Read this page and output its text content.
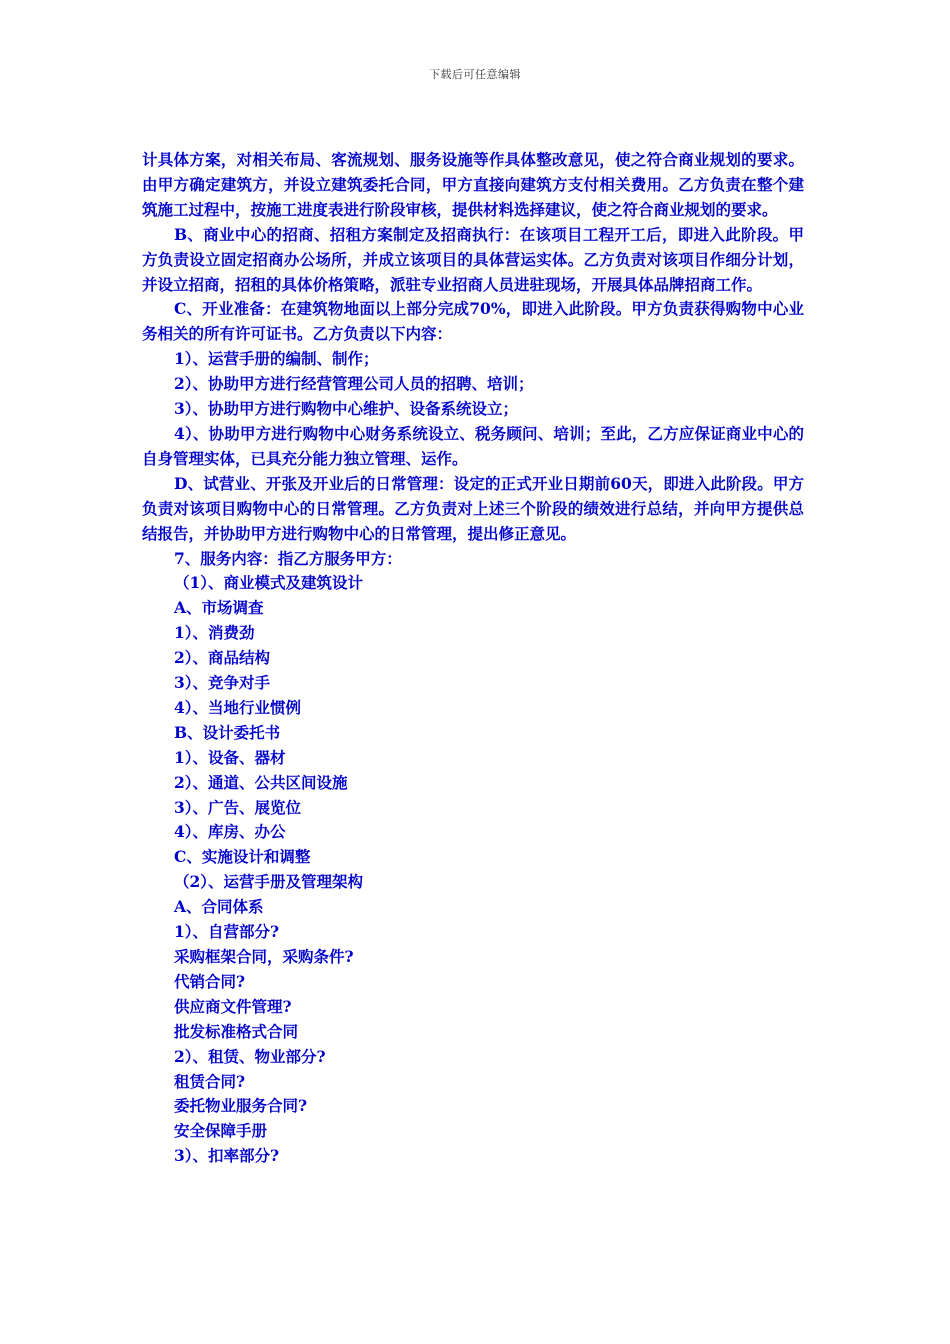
下载后可任意编辑

计具体方案，对相关布局、客流规划、服务设施等作具体整改意见，使之符合商业规划的要求。由甲方确定建筑方，并设立建筑委托合同，甲方直接向建筑方支付相关费用。乙方负责在整个建筑施工过程中，按施工进度表进行阶段审核，提供材料选择建议，使之符合商业规划的要求。

B、商业中心的招商、招租方案制定及招商执行：在该项目工程开工后，即进入此阶段。甲方负责设立固定招商办公场所，并成立该项目的具体营运实体。乙方负责对该项目作细分计划，并设立招商，招租的具体价格策略，派驻专业招商人员进驻现场，开展具体品牌招商工作。

C、开业准备：在建筑物地面以上部分完成70%，即进入此阶段。甲方负责获得购物中心业务相关的所有许可证书。乙方负责以下内容：

1）、运营手册的编制、制作；

2）、协助甲方进行经营管理公司人员的招聘、培训；

3）、协助甲方进行购物中心维护、设备系统设立；

4）、协助甲方进行购物中心财务系统设立、税务顾问、培训；至此，乙方应保证商业中心的自身管理实体，已具充分能力独立管理、运作。

D、试营业、开张及开业后的日常管理：设定的正式开业日期前60天，即进入此阶段。甲方负责对该项目购物中心的日常管理。乙方负责对上述三个阶段的绩效进行总结，并向甲方提供总结报告，并协助甲方进行购物中心的日常管理，提出修正意见。

7、服务内容：指乙方服务甲方：

（1）、商业模式及建筑设计

A、市场调查

1）、消费劲

2）、商品结构

3）、竞争对手

4）、当地行业惯例

B、设计委托书

1）、设备、器材

2）、通道、公共区间设施

3）、广告、展览位

4）、库房、办公

C、实施设计和调整

（2）、运营手册及管理架构

A、合同体系

1）、自营部分?

采购框架合同，采购条件?

代销合同?

供应商文件管理?

批发标准格式合同

2）、租赁、物业部分?

租赁合同?

委托物业服务合同?

安全保障手册

3）、扣率部分?
